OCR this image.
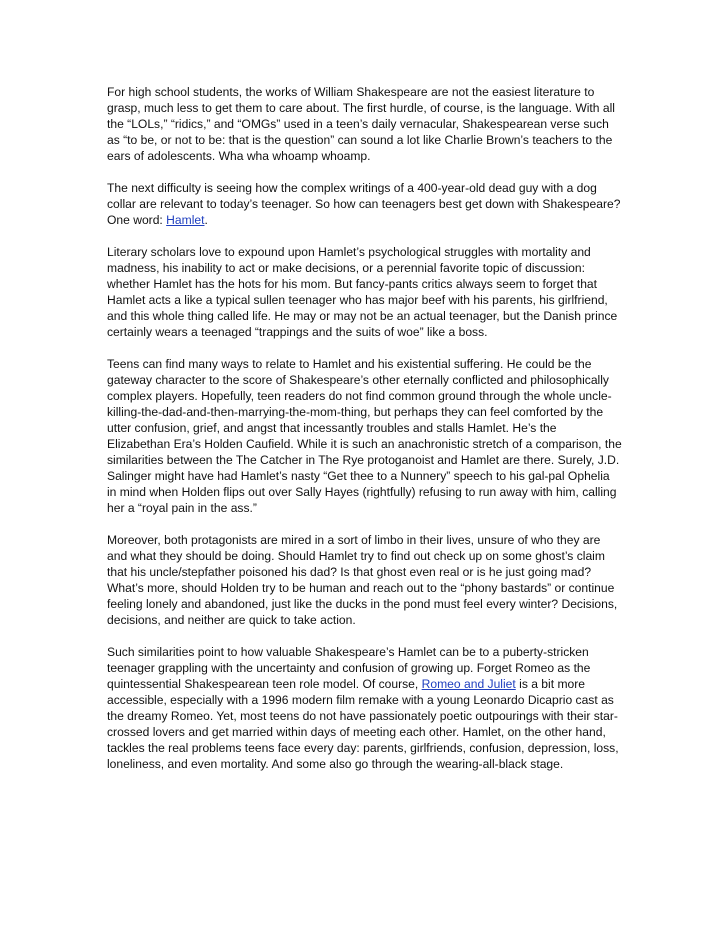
For high school students, the works of William Shakespeare are not the easiest literature to grasp, much less to get them to care about. The first hurdle, of course, is the language. With all the “LOLs,” “ridics,” and “OMGs” used in a teen’s daily vernacular, Shakespearean verse such as “to be, or not to be: that is the question” can sound a lot like Charlie Brown’s teachers to the ears of adolescents. Wha wha whoamp whoamp.

The next difficulty is seeing how the complex writings of a 400-year-old dead guy with a dog collar are relevant to today’s teenager. So how can teenagers best get down with Shakespeare? One word: Hamlet.

Literary scholars love to expound upon Hamlet’s psychological struggles with mortality and madness, his inability to act or make decisions, or a perennial favorite topic of discussion: whether Hamlet has the hots for his mom. But fancy-pants critics always seem to forget that Hamlet acts a like a typical sullen teenager who has major beef with his parents, his girlfriend, and this whole thing called life. He may or may not be an actual teenager, but the Danish prince certainly wears a teenaged “trappings and the suits of woe” like a boss.

Teens can find many ways to relate to Hamlet and his existential suffering. He could be the gateway character to the score of Shakespeare’s other eternally conflicted and philosophically complex players. Hopefully, teen readers do not find common ground through the whole uncle-killing-the-dad-and-then-marrying-the-mom-thing, but perhaps they can feel comforted by the utter confusion, grief, and angst that incessantly troubles and stalls Hamlet. He’s the Elizabethan Era’s Holden Caufield. While it is such an anachronistic stretch of a comparison, the similarities between the The Catcher in The Rye protoganoist and Hamlet are there. Surely, J.D. Salinger might have had Hamlet’s nasty “Get thee to a Nunnery” speech to his gal-pal Ophelia in mind when Holden flips out over Sally Hayes (rightfully) refusing to run away with him, calling her a “royal pain in the ass.”

Moreover, both protagonists are mired in a sort of limbo in their lives, unsure of who they are and what they should be doing. Should Hamlet try to find out check up on some ghost’s claim that his uncle/stepfather poisoned his dad? Is that ghost even real or is he just going mad? What’s more, should Holden try to be human and reach out to the “phony bastards” or continue feeling lonely and abandoned, just like the ducks in the pond must feel every winter? Decisions, decisions, and neither are quick to take action.

Such similarities point to how valuable Shakespeare’s Hamlet can be to a puberty-stricken teenager grappling with the uncertainty and confusion of growing up. Forget Romeo as the quintessential Shakespearean teen role model. Of course, Romeo and Juliet is a bit more accessible, especially with a 1996 modern film remake with a young Leonardo Dicaprio cast as the dreamy Romeo. Yet, most teens do not have passionately poetic outpourings with their star-crossed lovers and get married within days of meeting each other. Hamlet, on the other hand, tackles the real problems teens face every day: parents, girlfriends, confusion, depression, loss, loneliness, and even mortality. And some also go through the wearing-all-black stage.
